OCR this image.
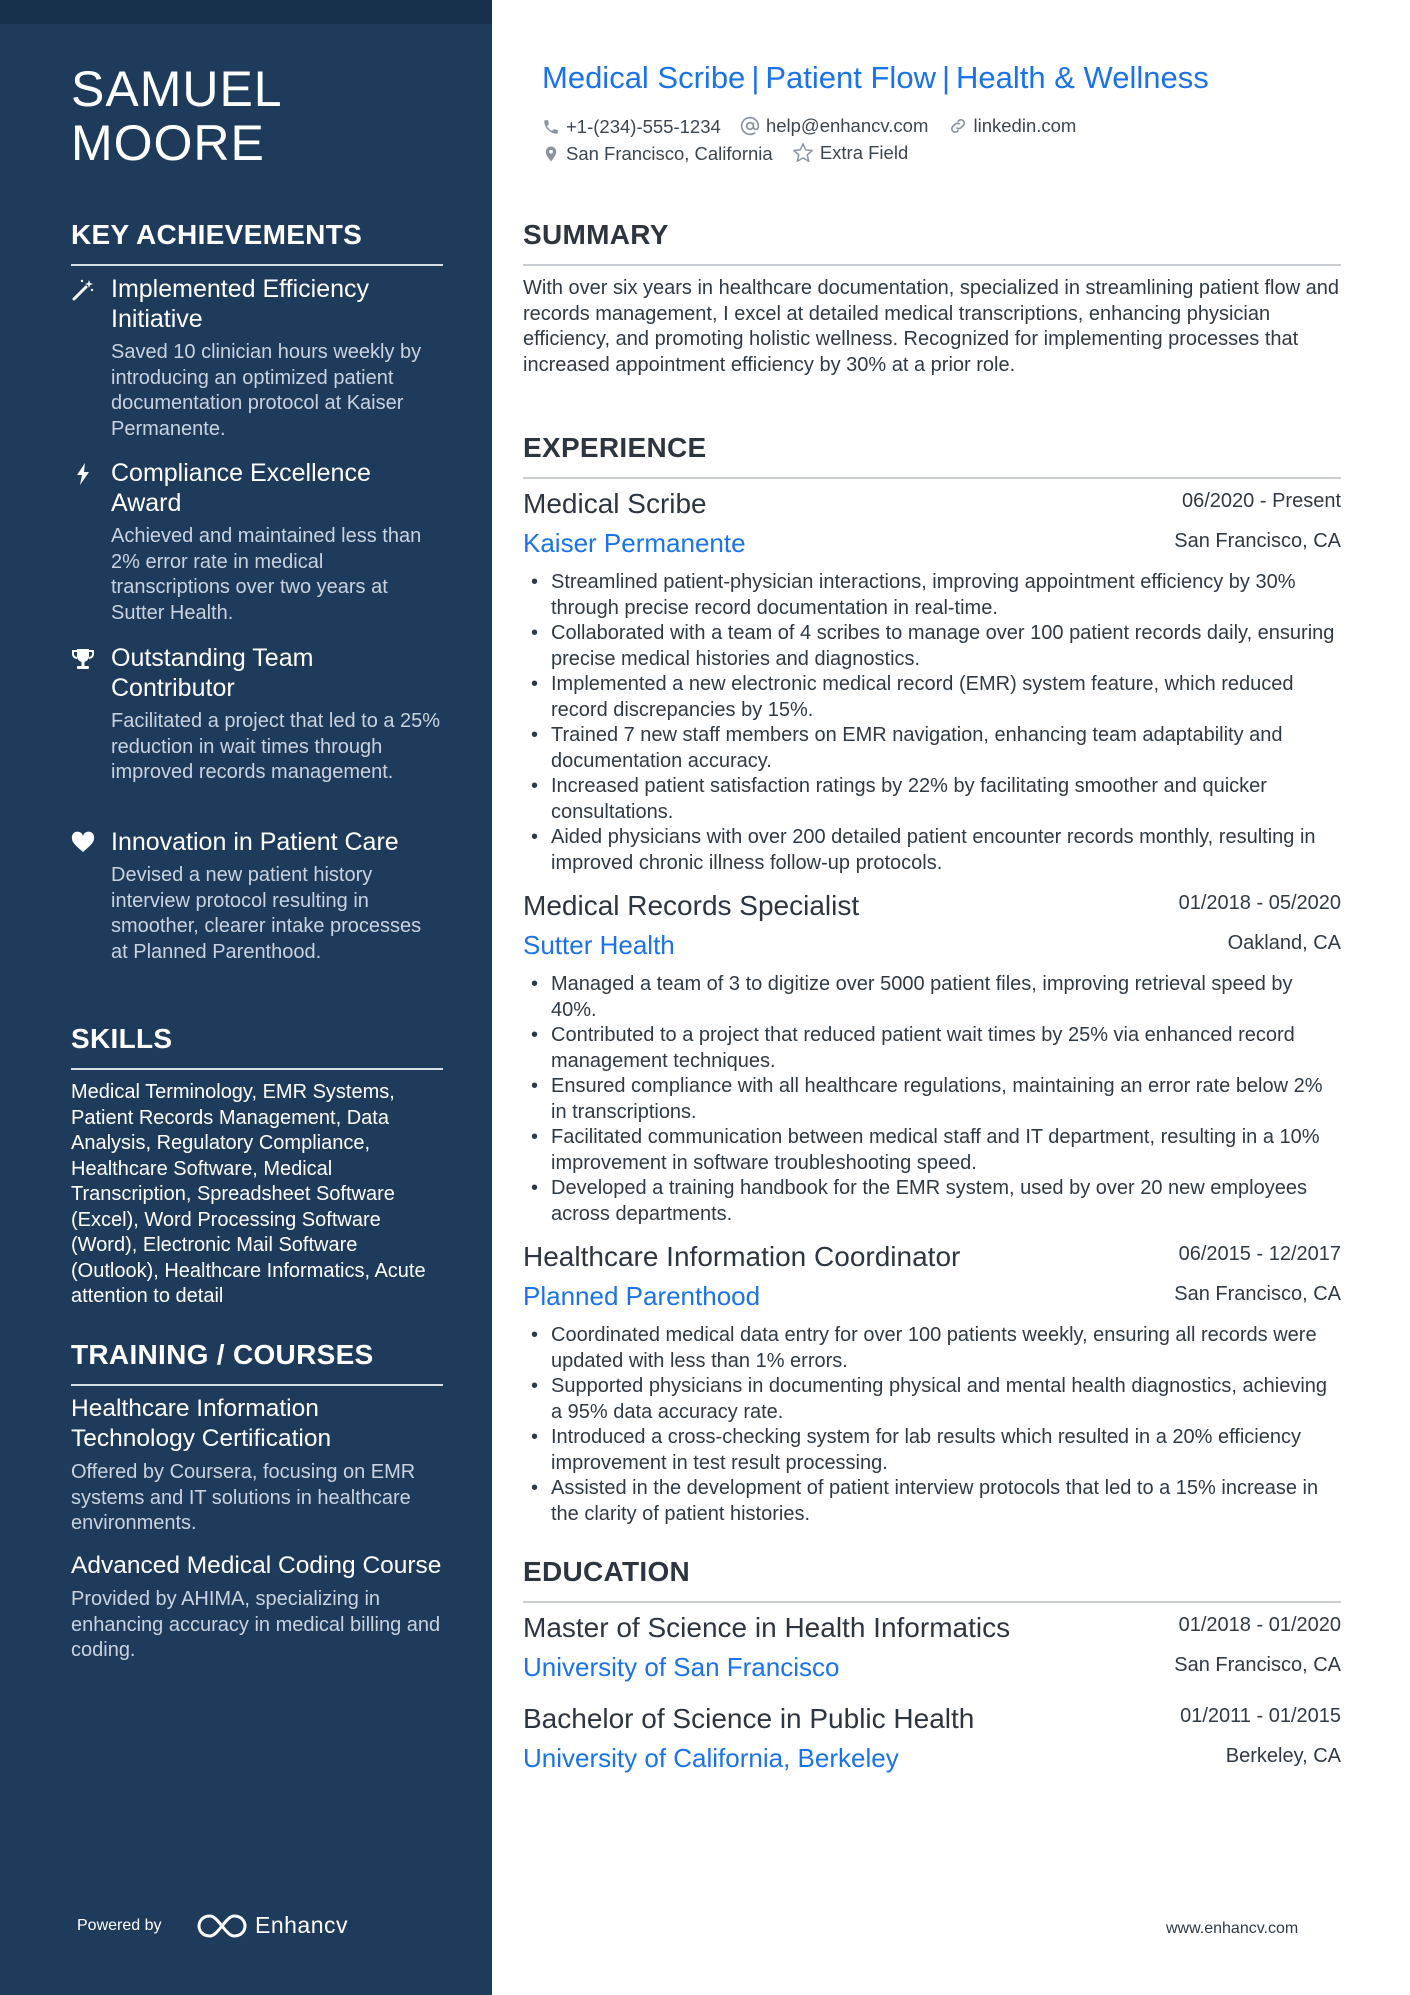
SAMUEL
MOORE
KEY ACHIEVEMENTS
Implemented Efficiency Initiative
Saved 10 clinician hours weekly by introducing an optimized patient documentation protocol at Kaiser Permanente.
Compliance Excellence Award
Achieved and maintained less than 2% error rate in medical transcriptions over two years at Sutter Health.
Outstanding Team Contributor
Facilitated a project that led to a 25% reduction in wait times through improved records management.
Innovation in Patient Care
Devised a new patient history interview protocol resulting in smoother, clearer intake processes at Planned Parenthood.
SKILLS
Medical Terminology, EMR Systems, Patient Records Management, Data Analysis, Regulatory Compliance, Healthcare Software, Medical Transcription, Spreadsheet Software (Excel), Word Processing Software (Word), Electronic Mail Software (Outlook), Healthcare Informatics, Acute attention to detail
TRAINING / COURSES
Healthcare Information Technology Certification
Offered by Coursera, focusing on EMR systems and IT solutions in healthcare environments.
Advanced Medical Coding Course
Provided by AHIMA, specializing in enhancing accuracy in medical billing and coding.
Powered by	Enhancv
Medical Scribe | Patient Flow | Health & Wellness
+1-(234)-555-1234
help@enhancv.com
linkedin.com
San Francisco, California
	Extra Field
SUMMARY
With over six years in healthcare documentation, specialized in streamlining patient flow and records management, I excel at detailed medical transcriptions, enhancing physician efficiency, and promoting holistic wellness. Recognized for implementing processes that increased appointment efficiency by 30% at a prior role.
EXPERIENCE
Medical Scribe	06/2020 - Present
Kaiser Permanente	San Francisco, CA
• Streamlined patient-physician interactions, improving appointment efficiency by 30% through precise record documentation in real-time.
• Collaborated with a team of 4 scribes to manage over 100 patient records daily, ensuring precise medical histories and diagnostics.
• Implemented a new electronic medical record (EMR) system feature, which reduced record discrepancies by 15%.
• Trained 7 new staff members on EMR navigation, enhancing team adaptability and documentation accuracy.
• Increased patient satisfaction ratings by 22% by facilitating smoother and quicker consultations.
• Aided physicians with over 200 detailed patient encounter records monthly, resulting in improved chronic illness follow-up protocols.
Medical Records Specialist	01/2018 - 05/2020
Sutter Health	Oakland, CA
• Managed a team of 3 to digitize over 5000 patient files, improving retrieval speed by 40%.
• Contributed to a project that reduced patient wait times by 25% via enhanced record management techniques.
• Ensured compliance with all healthcare regulations, maintaining an error rate below 2% in transcriptions.
• Facilitated communication between medical staff and IT department, resulting in a 10% improvement in software troubleshooting speed.
• Developed a training handbook for the EMR system, used by over 20 new employees across departments.
Healthcare Information Coordinator	06/2015 - 12/2017
Planned Parenthood	San Francisco, CA
• Coordinated medical data entry for over 100 patients weekly, ensuring all records were updated with less than 1% errors.
• Supported physicians in documenting physical and mental health diagnostics, achieving a 95% data accuracy rate.
• Introduced a cross-checking system for lab results which resulted in a 20% efficiency improvement in test result processing.
• Assisted in the development of patient interview protocols that led to a 15% increase in the clarity of patient histories.
EDUCATION
Master of Science in Health Informatics	01/2018 - 01/2020
University of San Francisco	San Francisco, CA
Bachelor of Science in Public Health	01/2011 - 01/2015
University of California, Berkeley	Berkeley, CA
www.enhancv.com
